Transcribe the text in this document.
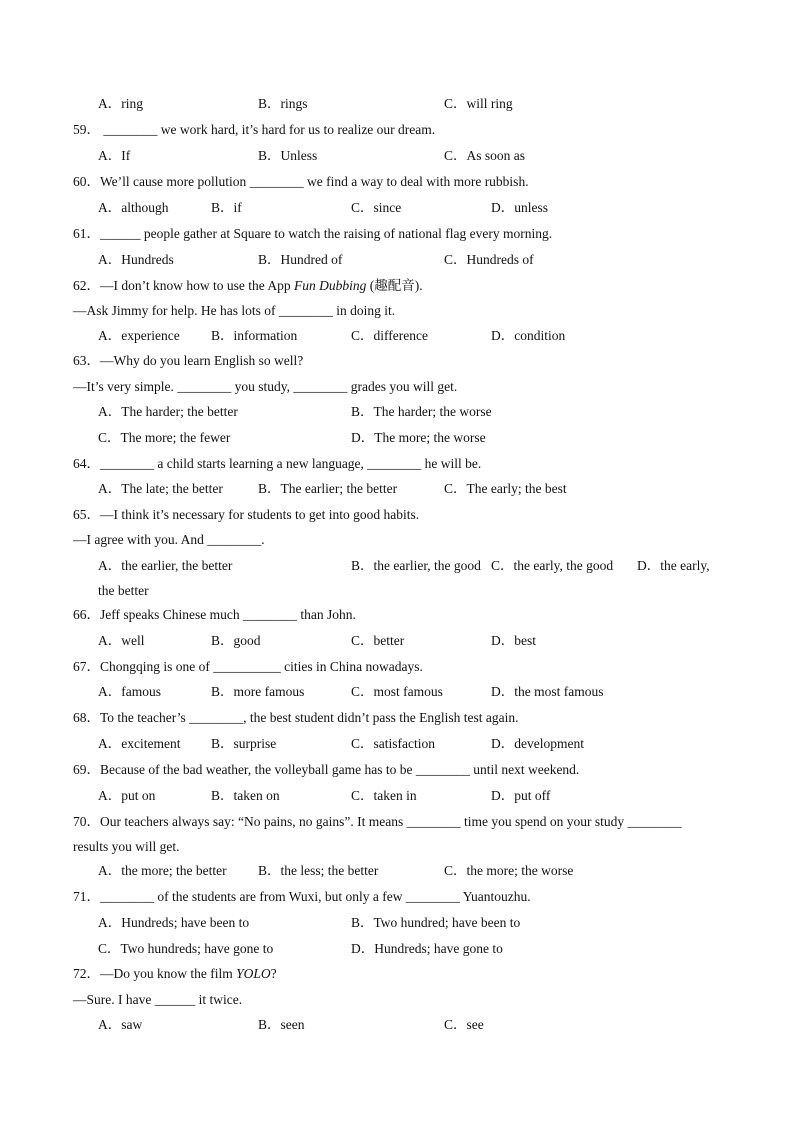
A．ring	B．rings	C．will ring
59． ________ we work hard, it’s hard for us to realize our dream.
A．If	B．Unless	C．As soon as
60．We’ll cause more pollution ________ we find a way to deal with more rubbish.
A．although	B．if	C．since	D．unless
61．______ people gather at Square to watch the raising of national flag every morning.
A．Hundreds	B．Hundred of	C．Hundreds of
62．—I don’t know how to use the App Fun Dubbing (趣配音).
—Ask Jimmy for help. He has lots of ________ in doing it.
A．experience B．information	C．difference	D．condition
63．—Why do you learn English so well?
—It’s very simple. ________ you study, ________ grades you will get.
A．The harder; the better	B．The harder; the worse
C．The more; the fewer	D．The more; the worse
64．________ a child starts learning a new language, ________ he will be.
A．The late; the better	B．The earlier; the better	C．The early; the best
65．—I think it’s necessary for students to get into good habits.
—I agree with you. And ________.
A．the earlier, the better	B．the earlier, the good C．the early, the good D．the early,
the better
66．Jeff speaks Chinese much ________ than John.
A．well	B．good	C．better	D．best
67．Chongqing is one of __________ cities in China nowadays.
A．famous	B．more famous	C．most famous	D．the most famous
68．To the teacher’s ________, the best student didn’t pass the English test again.
A．excitement B．surprise	C．satisfaction	D．development
69．Because of the bad weather, the volleyball game has to be ________ until next weekend.
A．put on	B．taken on	C．taken in	D．put off
70．Our teachers always say: “No pains, no gains”. It means ________ time you spend on your study ________
results you will get.
A．the more; the better B．the less; the better	C．the more; the worse
71．________ of the students are from Wuxi, but only a few ________ Yuantouzhu.
A．Hundreds; have been to	B．Two hundred; have been to
C．Two hundreds; have gone to	D．Hundreds; have gone to
72．—Do you know the film YOLO?
—Sure. I have ______ it twice.
A．saw	B．seen	C．see
